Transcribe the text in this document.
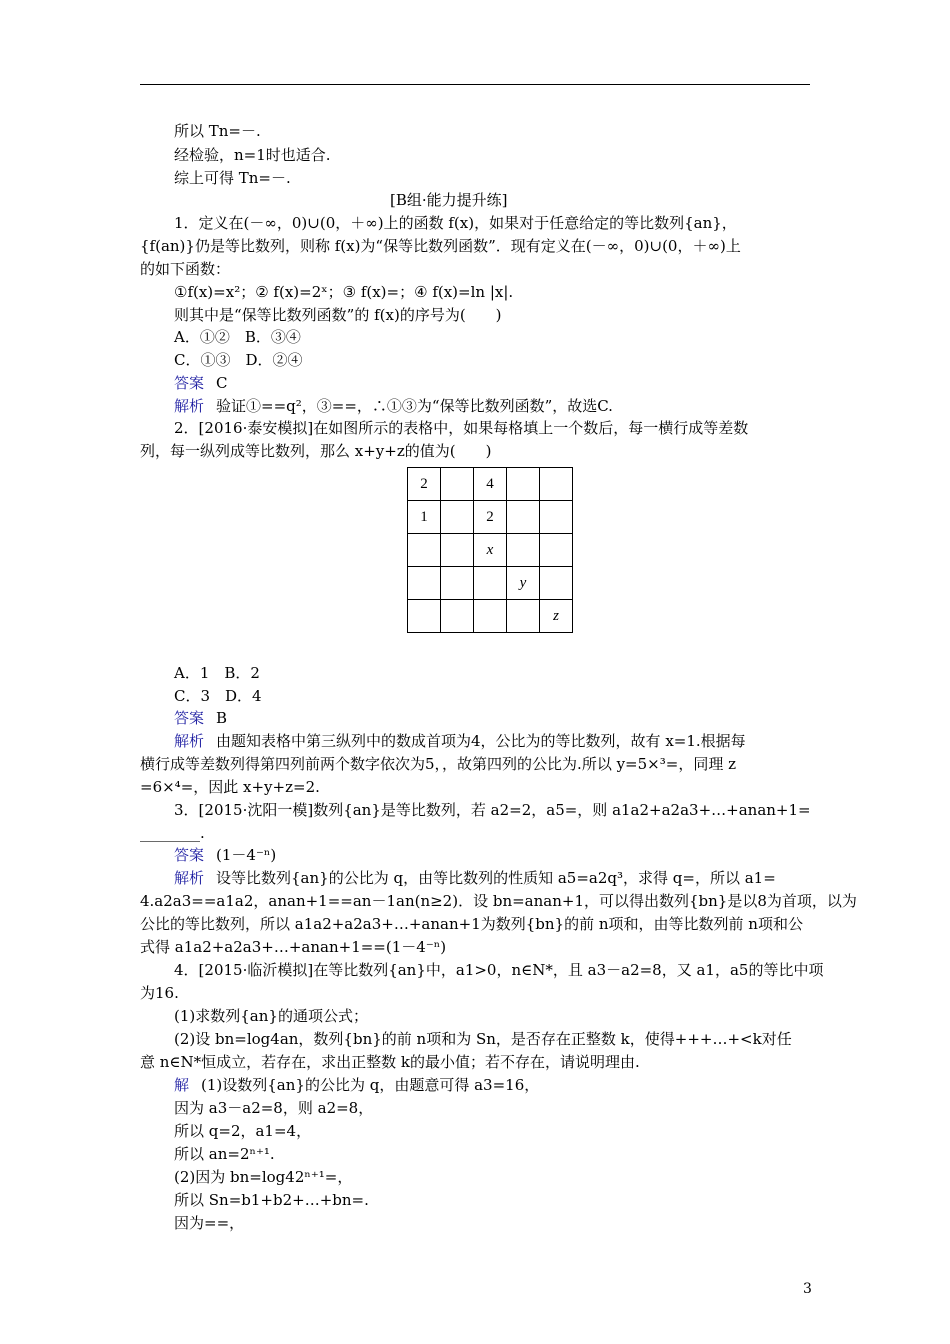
所以 Tn=－.
经检验，n=1时也适合.
综上可得 Tn=－.
[B组·能力提升练]
1．定义在(－∞，0)∪(0，＋∞)上的函数 f(x)，如果对于任意给定的等比数列{an}，
{f(an)}仍是等比数列，则称 f(x)为“保等比数列函数”．现有定义在(－∞，0)∪(0，＋∞)上
的如下函数：
①f(x)=x²；② f(x)=2ˣ；③ f(x)=；④ f(x)=ln |x|.
则其中是“保等比数列函数”的 f(x)的序号为(　　)
A．①②　B．③④
C．①③　D．②④
答案 C
解析 验证①==q²，③==，∴①③为“保等比数列函数”，故选C.
2．[2016·泰安模拟]在如图所示的表格中，如果每格填上一个数后，每一横行成等差数
列，每一纵列成等比数列，那么 x+y+z的值为(　　)
2		4		
1		2		
		x		
			y	
				z
A．1　B．2
C．3　D．4
答案 B
解析 由题知表格中第三纵列中的数成首项为4，公比为的等比数列，故有 x=1.根据每
横行成等差数列得第四列前两个数字依次为5，，故第四列的公比为.所以 y=5×³=，同理 z
=6×⁴=，因此 x+y+z=2.
3．[2015·沈阳一模]数列{an}是等比数列，若 a2=2，a5=，则 a1a2+a2a3+…+anan+1=
________.
答案 (1－4⁻ⁿ)
解析 设等比数列{an}的公比为 q，由等比数列的性质知 a5=a2q³，求得 q=，所以 a1=
4.a2a3==a1a2，anan+1==an－1an(n≥2)．设 bn=anan+1，可以得出数列{bn}是以8为首项，以为
公比的等比数列，所以 a1a2+a2a3+…+anan+1为数列{bn}的前 n项和，由等比数列前 n项和公
式得 a1a2+a2a3+…+anan+1==(1－4⁻ⁿ)
4．[2015·临沂模拟]在等比数列{an}中，a1>0，n∈N*，且 a3－a2=8，又 a1，a5的等比中项
为16.
(1)求数列{an}的通项公式；
(2)设 bn=log4an，数列{bn}的前 n项和为 Sn，是否存在正整数 k，使得+++…+<k对任
意 n∈N*恒成立，若存在，求出正整数 k的最小值；若不存在，请说明理由.
解 (1)设数列{an}的公比为 q，由题意可得 a3=16，
因为 a3－a2=8，则 a2=8，
所以 q=2，a1=4，
所以 an=2ⁿ⁺¹.
(2)因为 bn=log42ⁿ⁺¹=，
所以 Sn=b1+b2+…+bn=.
因为==，
3
